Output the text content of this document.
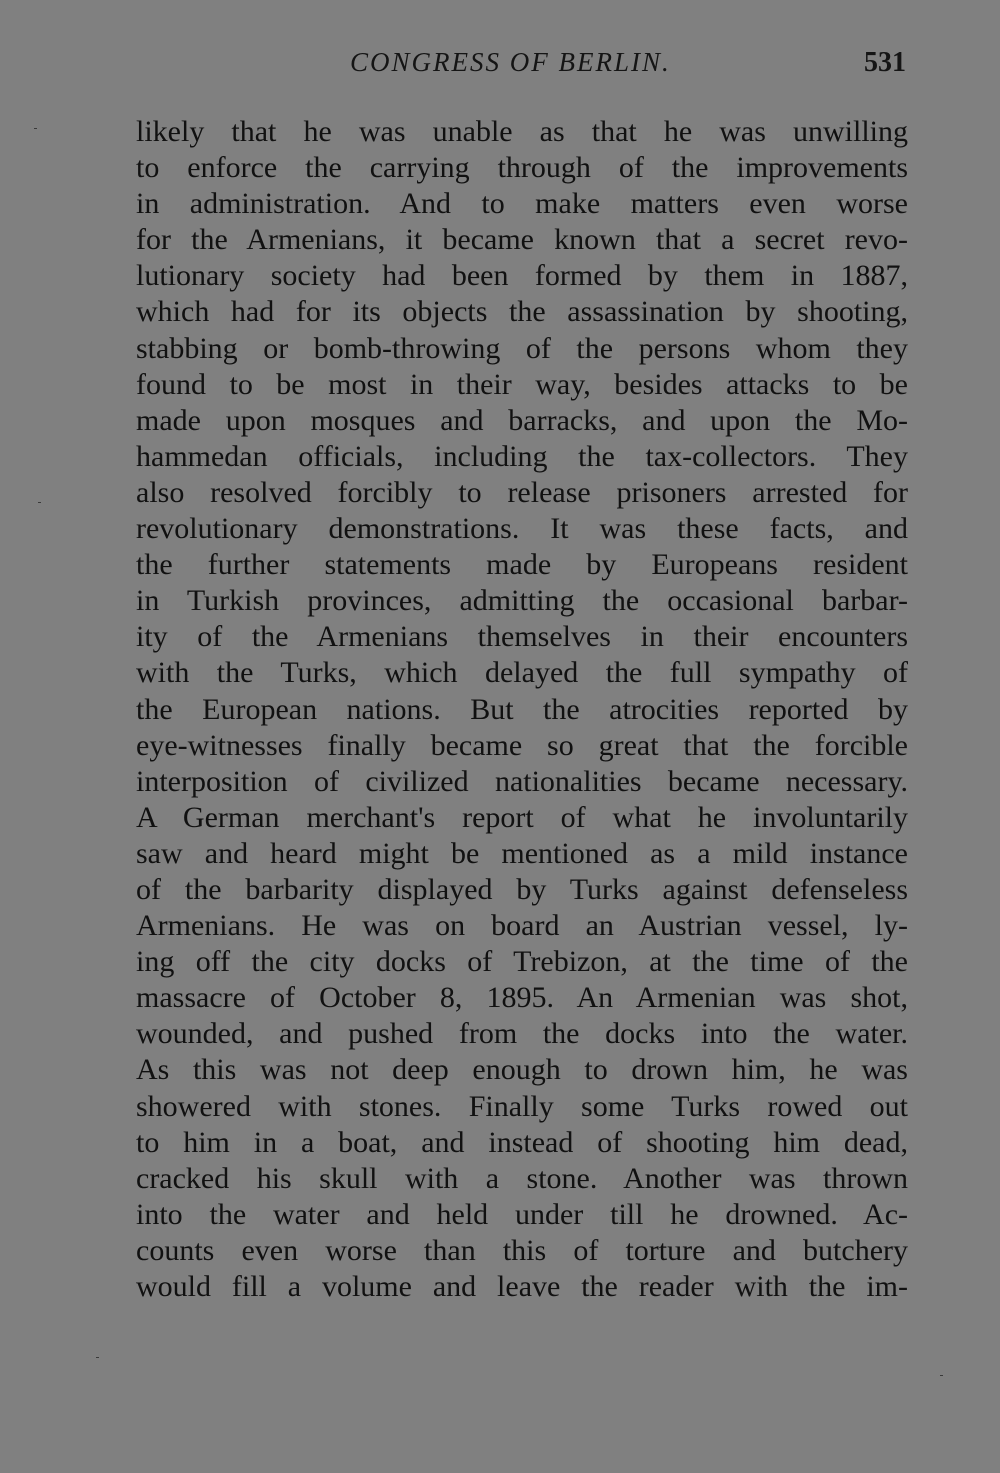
CONGRESS OF BERLIN.	531
likely that he was unable as that he was unwilling
to enforce the carrying through of the improvements
in administration. And to make matters even worse
for the Armenians, it became known that a secret revo-
lutionary society had been formed by them in 1887,
which had for its objects the assassination by shooting,
stabbing or bomb-throwing of the persons whom they
found to be most in their way, besides attacks to be
made upon mosques and barracks, and upon the Mo-
hammedan officials, including the tax-collectors. They
also resolved forcibly to release prisoners arrested for
revolutionary demonstrations. It was these facts, and
the further statements made by Europeans resident
in Turkish provinces, admitting the occasional barbar-
ity of the Armenians themselves in their encounters
with the Turks, which delayed the full sympathy of
the European nations. But the atrocities reported by
eye-witnesses finally became so great that the forcible
interposition of civilized nationalities became necessary.
A German merchant's report of what he involuntarily
saw and heard might be mentioned as a mild instance
of the barbarity displayed by Turks against defenseless
Armenians. He was on board an Austrian vessel, ly-
ing off the city docks of Trebizon, at the time of the
massacre of October 8, 1895. An Armenian was shot,
wounded, and pushed from the docks into the water.
As this was not deep enough to drown him, he was
showered with stones. Finally some Turks rowed out
to him in a boat, and instead of shooting him dead,
cracked his skull with a stone. Another was thrown
into the water and held under till he drowned. Ac-
counts even worse than this of torture and butchery
would fill a volume and leave the reader with the im-
